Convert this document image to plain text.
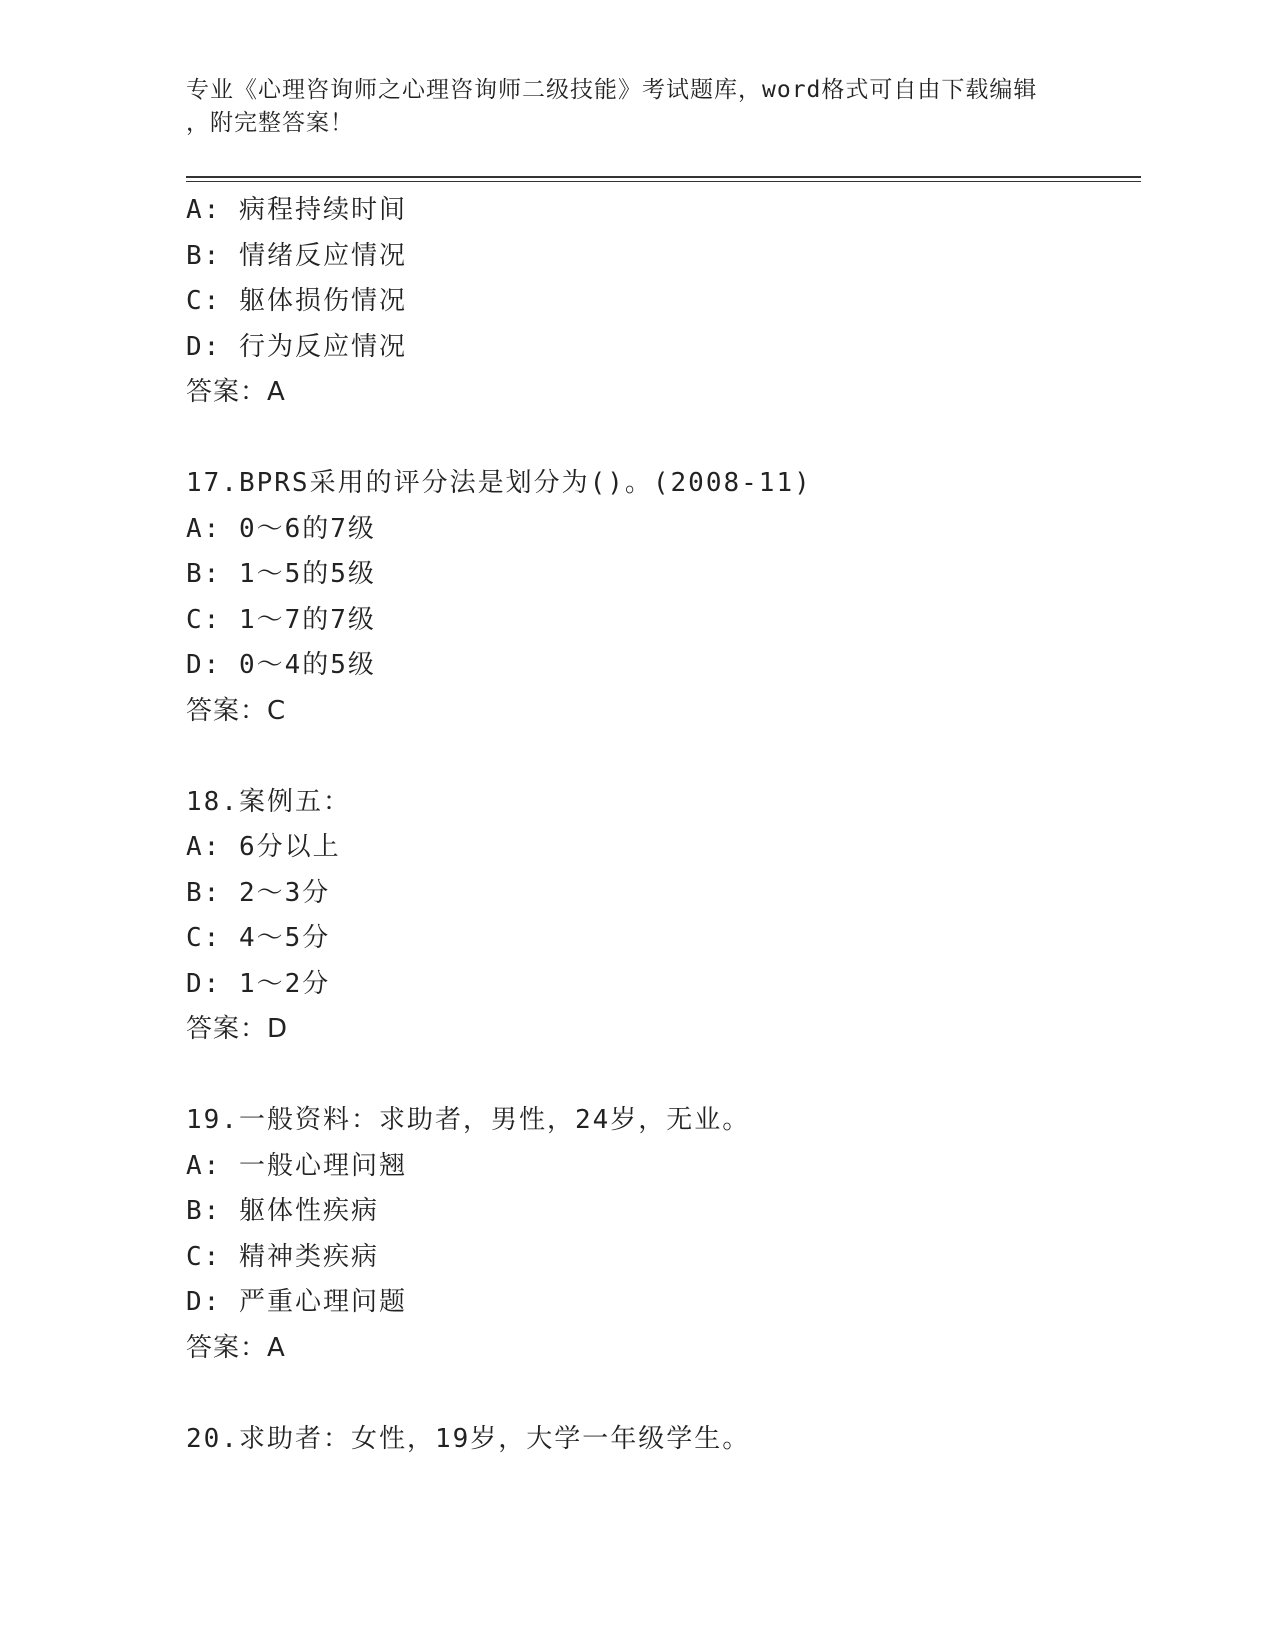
专业《心理咨询师之心理咨询师二级技能》考试题库，word格式可自由下载编辑
，附完整答案！
A: 病程持续时间
B: 情绪反应情况
C: 躯体损伤情况
D: 行为反应情况
答案：A
17.BPRS采用的评分法是划分为()。(2008-11)
A: 0～6的7级
B: 1～5的5级
C: 1～7的7级
D: 0～4的5级
答案：C
18.案例五：
A: 6分以上
B: 2～3分
C: 4～5分
D: 1～2分
答案：D
19.一般资料：求助者，男性，24岁，无业。
A: 一般心理问翘
B: 躯体性疾病
C: 精神类疾病
D: 严重心理问题
答案：A
20.求助者：女性，19岁，大学一年级学生。
